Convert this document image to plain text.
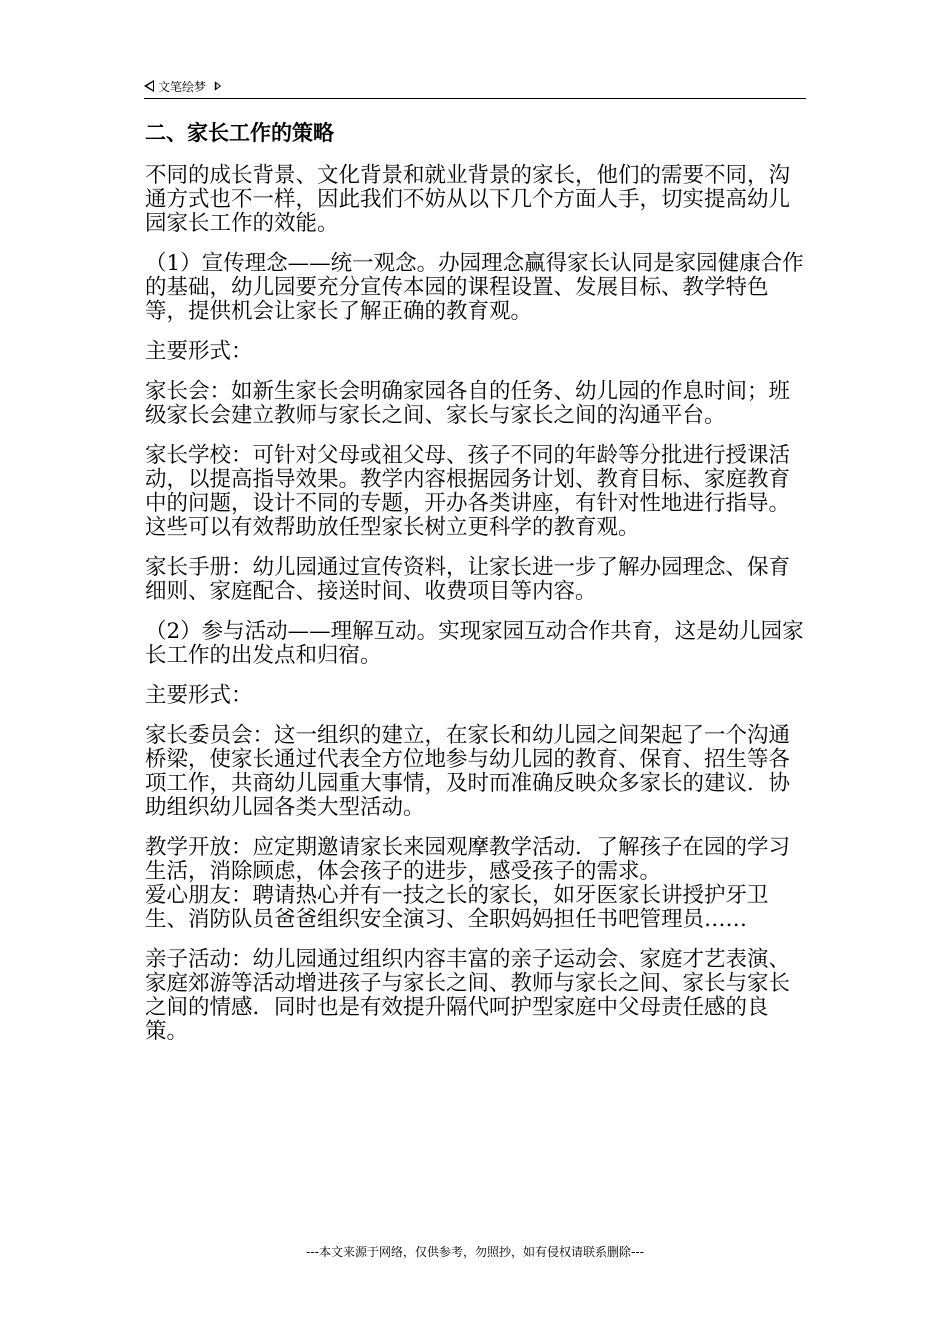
文笔绘梦
二、家长工作的策略

不同的成长背景、文化背景和就业背景的家长，他们的需要不同，沟通方式也不一样，因此我们不妨从以下几个方面人手，切实提高幼儿园家长工作的效能。

（1）宣传理念——统一观念。办园理念赢得家长认同是家园健康合作的基础，幼儿园要充分宣传本园的课程设置、发展目标、教学特色等，提供机会让家长了解正确的教育观。

主要形式：

家长会：如新生家长会明确家园各自的任务、幼儿园的作息时间；班级家长会建立教师与家长之间、家长与家长之间的沟通平台。

家长学校：可针对父母或祖父母、孩子不同的年龄等分批进行授课活动，以提高指导效果。教学内容根据园务计划、教育目标、家庭教育中的问题，设计不同的专题，开办各类讲座，有针对性地进行指导。这些可以有效帮助放任型家长树立更科学的教育观。

家长手册：幼儿园通过宣传资料，让家长进一步了解办园理念、保育细则、家庭配合、接送时间、收费项目等内容。

（2）参与活动——理解互动。实现家园互动合作共育，这是幼儿园家长工作的出发点和归宿。

主要形式：

家长委员会：这一组织的建立，在家长和幼儿园之间架起了一个沟通桥梁，使家长通过代表全方位地参与幼儿园的教育、保育、招生等各项工作，共商幼儿园重大事情，及时而准确反映众多家长的建议．协助组织幼儿园各类大型活动。

教学开放：应定期邀请家长来园观摩教学活动．了解孩子在园的学习生活，消除顾虑，体会孩子的进步，感受孩子的需求。

爱心朋友：聘请热心并有一技之长的家长，如牙医家长讲授护牙卫生、消防队员爸爸组织安全演习、全职妈妈担任书吧管理员……

亲子活动：幼儿园通过组织内容丰富的亲子运动会、家庭才艺表演、家庭郊游等活动增进孩子与家长之间、教师与家长之间、家长与家长之间的情感．同时也是有效提升隔代呵护型家庭中父母责任感的良策。

---本文来源于网络，仅供参考，勿照抄，如有侵权请联系删除---
